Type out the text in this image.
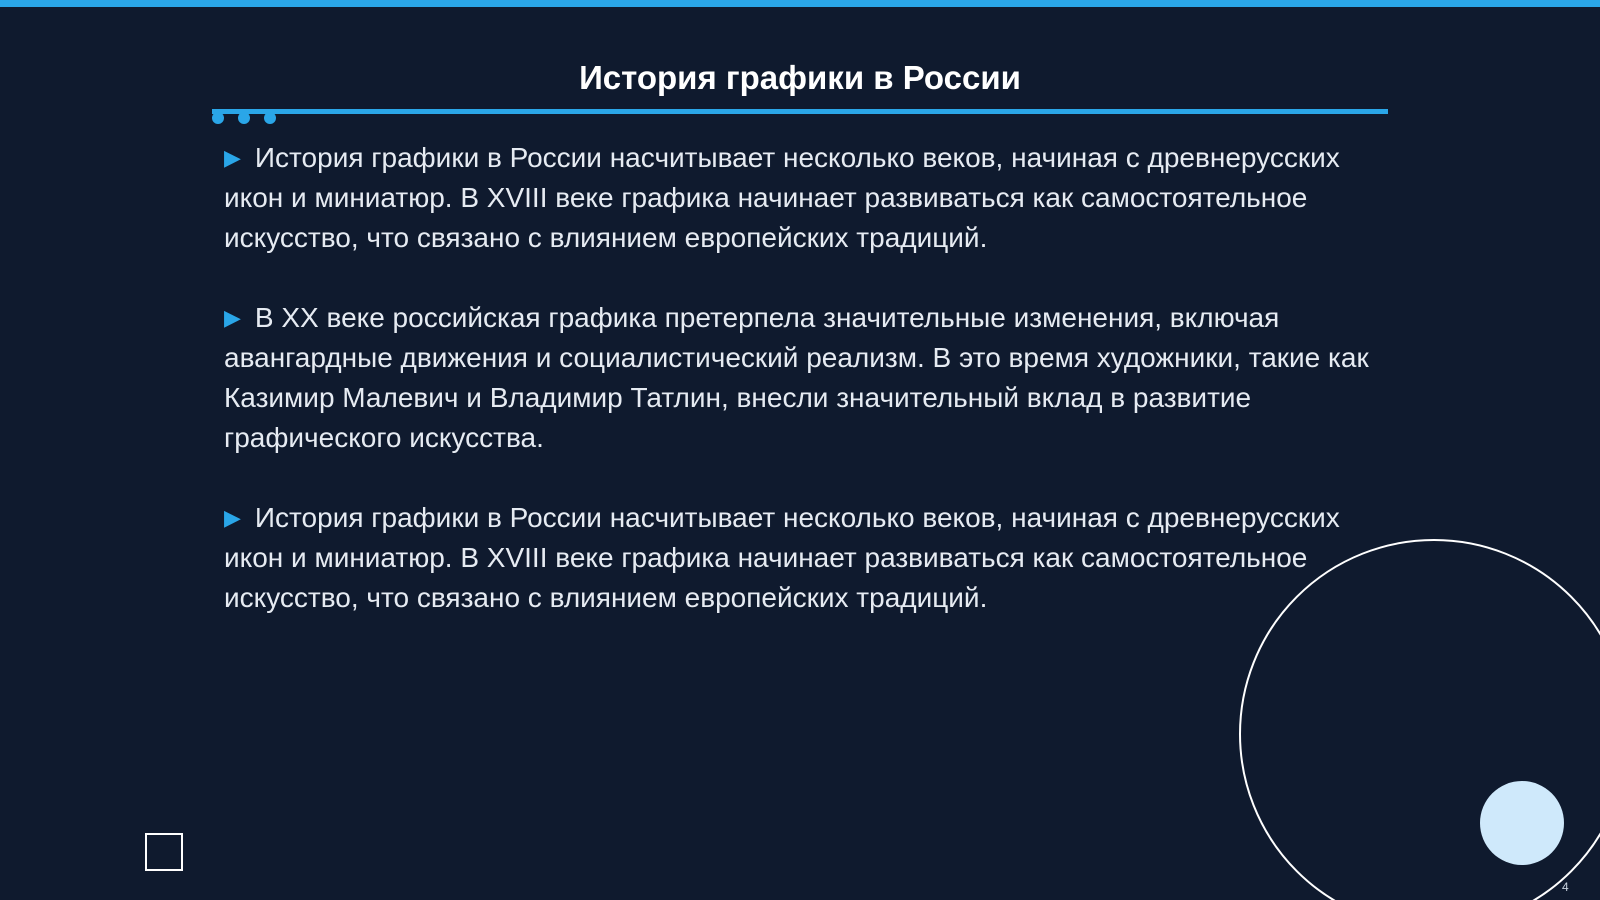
История графики в России

▶ История графики в России насчитывает несколько веков, начиная с древнерусских икон и миниатюр. В XVIII веке графика начинает развиваться как самостоятельное искусство, что связано с влиянием европейских традиций.

▶ В XX веке российская графика претерпела значительные изменения, включая авангардные движения и социалистический реализм. В это время художники, такие как Казимир Малевич и Владимир Татлин, внесли значительный вклад в развитие графического искусства.

▶ История графики в России насчитывает несколько веков, начиная с древнерусских икон и миниатюр. В XVIII веке графика начинает развиваться как самостоятельное искусство, что связано с влиянием европейских традиций.

4
